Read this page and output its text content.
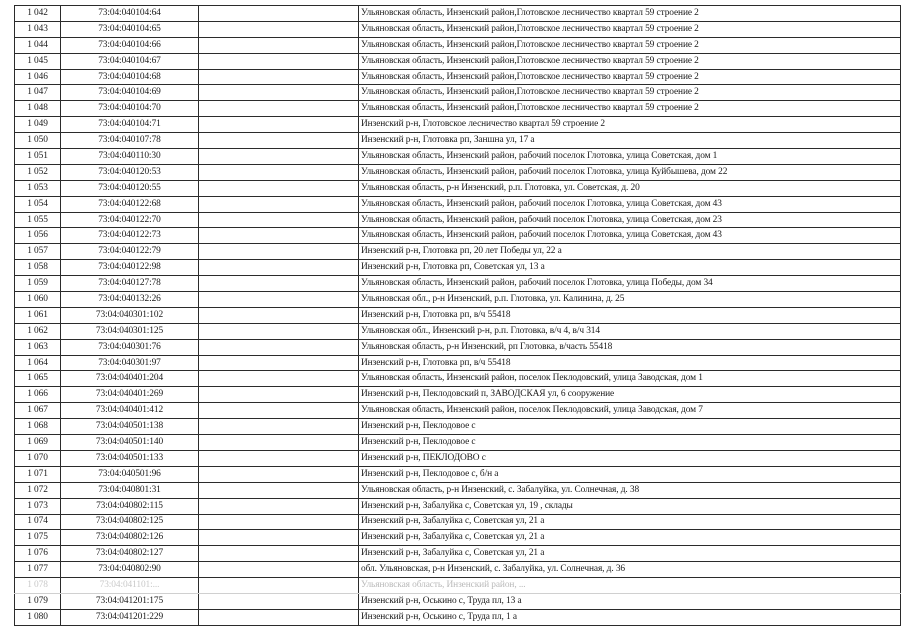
1 042	73:04:040104:64		Ульяновская область, Инзенский район,Глотовское лесничество квартал 59 строение 2
1 043	73:04:040104:65		Ульяновская область, Инзенский район,Глотовское лесничество квартал 59 строение 2
1 044	73:04:040104:66		Ульяновская область, Инзенский район,Глотовское лесничество квартал 59 строение 2
1 045	73:04:040104:67		Ульяновская область, Инзенский район,Глотовское лесничество квартал 59 строение 2
1 046	73:04:040104:68		Ульяновская область, Инзенский район,Глотовское лесничество квартал 59 строение 2
1 047	73:04:040104:69		Ульяновская область, Инзенский район,Глотовское лесничество квартал 59 строение 2
1 048	73:04:040104:70		Ульяновская область, Инзенский район,Глотовское лесничество квартал 59 строение 2
1 049	73:04:040104:71		Инзенский р-н, Глотовское лесничество квартал 59 строение 2
1 050	73:04:040107:78		Инзенский р-н, Глотовка рп, Заншна ул, 17 а
1 051	73:04:040110:30		Ульяновская область, Инзенский район, рабочий поселок Глотовка, улица Советская, дом 1
1 052	73:04:040120:53		Ульяновская область, Инзенский район, рабочий поселок Глотовка, улица Куйбышева, дом 22
1 053	73:04:040120:55		Ульяновская область, р-н Инзенский, р.п. Глотовка, ул. Советская, д. 20
1 054	73:04:040122:68		Ульяновская область, Инзенский район, рабочий поселок Глотовка, улица Советская, дом 43
1 055	73:04:040122:70		Ульяновская область, Инзенский район, рабочий поселок Глотовка, улица Советская, дом 23
1 056	73:04:040122:73		Ульяновская область, Инзенский район, рабочий поселок Глотовка, улица Советская, дом 43
1 057	73:04:040122:79		Инзенский р-н, Глотовка рп, 20 лет Победы ул, 22 а
1 058	73:04:040122:98		Инзенский р-н, Глотовка рп, Советская ул, 13 а
1 059	73:04:040127:78		Ульяновская область, Инзенский район, рабочий поселок Глотовка, улица Победы, дом 34
1 060	73:04:040132:26		Ульяновская обл., р-н Инзенский, р.п. Глотовка, ул. Калинина, д. 25
1 061	73:04:040301:102		Инзенский р-н, Глотовка рп, в/ч 55418
1 062	73:04:040301:125		Ульяновская обл., Инзенский р-н, р.п. Глотовка, в/ч 4, в/ч 314
1 063	73:04:040301:76		Ульяновская область, р-н Инзенский, рп Глотовка, в/часть 55418
1 064	73:04:040301:97		Инзенский р-н, Глотовка рп, в/ч 55418
1 065	73:04:040401:204		Ульяновская область, Инзенский район, поселок Пеклодовский, улица Заводская, дом 1
1 066	73:04:040401:269		Инзенский р-н, Пеклодовский п, ЗАВОДСКАЯ ул, 6 сооружение
1 067	73:04:040401:412		Ульяновская область, Инзенский район, поселок Пеклодовский, улица Заводская, дом 7
1 068	73:04:040501:138		Инзенский р-н, Пеклодовое с
1 069	73:04:040501:140		Инзенский р-н, Пеклодовое с
1 070	73:04:040501:133		Инзенский р-н, ПЕКЛОДОВО с
1 071	73:04:040501:96		Инзенский р-н, Пеклодовое с, б/н а
1 072	73:04:040801:31		Ульяновская область, р-н Инзенский, с. Забалуйка, ул. Солнечная, д. 38
1 073	73:04:040802:115		Инзенский р-н, Забалуйка с, Советская ул, 19 , склады
1 074	73:04:040802:125		Инзенский р-н, Забалуйка с, Советская ул, 21 а
1 075	73:04:040802:126		Инзенский р-н, Забалуйка с, Советская ул, 21 а
1 076	73:04:040802:127		Инзенский р-н, Забалуйка с, Советская ул, 21 а
1 077	73:04:040802:90		обл. Ульяновская, р-н Инзенский, с. Забалуйка, ул. Солнечная, д. 36
1 078	73:04:041101:...		Ульяновская область, Инзенский район, ...
1 079	73:04:041201:175		Инзенский р-н, Оськино с, Труда пл, 13 а
1 080	73:04:041201:229		Инзенский р-н, Оськино с, Труда пл, 1 а
